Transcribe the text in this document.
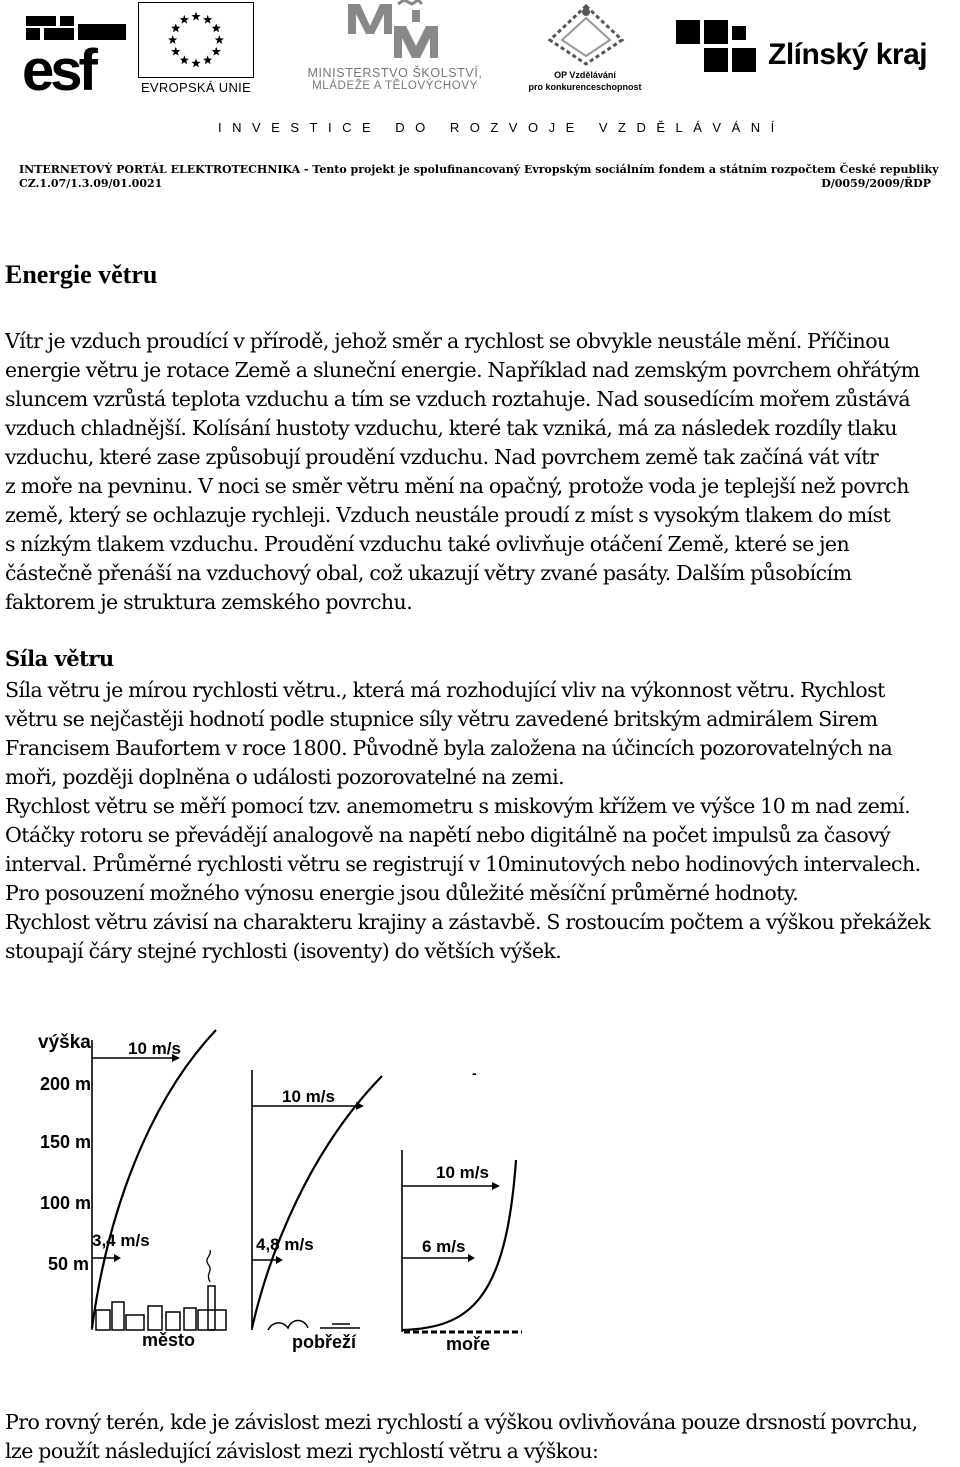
esf	EVROPSKÁ UNIE
MINISTERSTVO ŠKOLSTVÍ,
MLÁDEŽE A TĚLOVÝCHOVY
OP Vzdělávání
pro konkurenceschopnost
Zlínský kraj
INVESTICE DO ROZVOJE VZDĚLÁVÁNÍ
INTERNETOVÝ PORTÁL ELEKTROTECHNIKA - Tento projekt je spolufinancovaný Evropským sociálním fondem a státním rozpočtem České republiky
CZ.1.07/1.3.09/01.0021	D/0059/2009/ŘDP
Energie větru
Vítr je vzduch proudící v přírodě, jehož směr a rychlost se obvykle neustále mění. Příčinou
energie větru je rotace Země a sluneční energie. Například nad zemským povrchem ohřátým
sluncem vzrůstá teplota vzduchu a tím se vzduch roztahuje. Nad sousedícím mořem zůstává
vzduch chladnější. Kolísání hustoty vzduchu, které tak vzniká, má za následek rozdíly tlaku
vzduchu, které zase způsobují proudění vzduchu. Nad povrchem země tak začíná vát vítr
z moře na pevninu. V noci se směr větru mění na opačný, protože voda je teplejší než povrch
země, který se ochlazuje rychleji. Vzduch neustále proudí z míst s vysokým tlakem do míst
s nízkým tlakem vzduchu. Proudění vzduchu také ovlivňuje otáčení Země, které se jen
částečně přenáší na vzduchový obal, což ukazují větry zvané pasáty. Dalším působícím
faktorem je struktura zemského povrchu.
Síla větru
Síla větru je mírou rychlosti větru., která má rozhodující vliv na výkonnost větru. Rychlost
větru se nejčastěji hodnotí podle stupnice síly větru zavedené britským admirálem Sirem
Francisem Baufortem v roce 1800. Původně byla založena na účincích pozorovatelných na
moři, později doplněna o události pozorovatelné na zemi.
Rychlost větru se měří pomocí tzv. anemometru s miskovým křížem ve výšce 10 m nad zemí.
Otáčky rotoru se převádějí analogově na napětí nebo digitálně na počet impulsů za časový
interval. Průměrné rychlosti větru se registrují v 10minutových nebo hodinových intervalech.
Pro posouzení možného výnosu energie jsou důležité měsíční průměrné hodnoty.
Rychlost větru závisí na charakteru krajiny a zástavbě. S rostoucím počtem a výškou překážek
stoupají čáry stejné rychlosti (isoventy) do větších výšek.
výška
200 m
150 m
100 m
50 m
10 m/s
3,4 m/s
město
10 m/s
4,8 m/s
pobřeží
10 m/s
6 m/s
moře
-
Pro rovný terén, kde je závislost mezi rychlostí a výškou ovlivňována pouze drsností povrchu,
lze použít následující závislost mezi rychlostí větru a výškou:
